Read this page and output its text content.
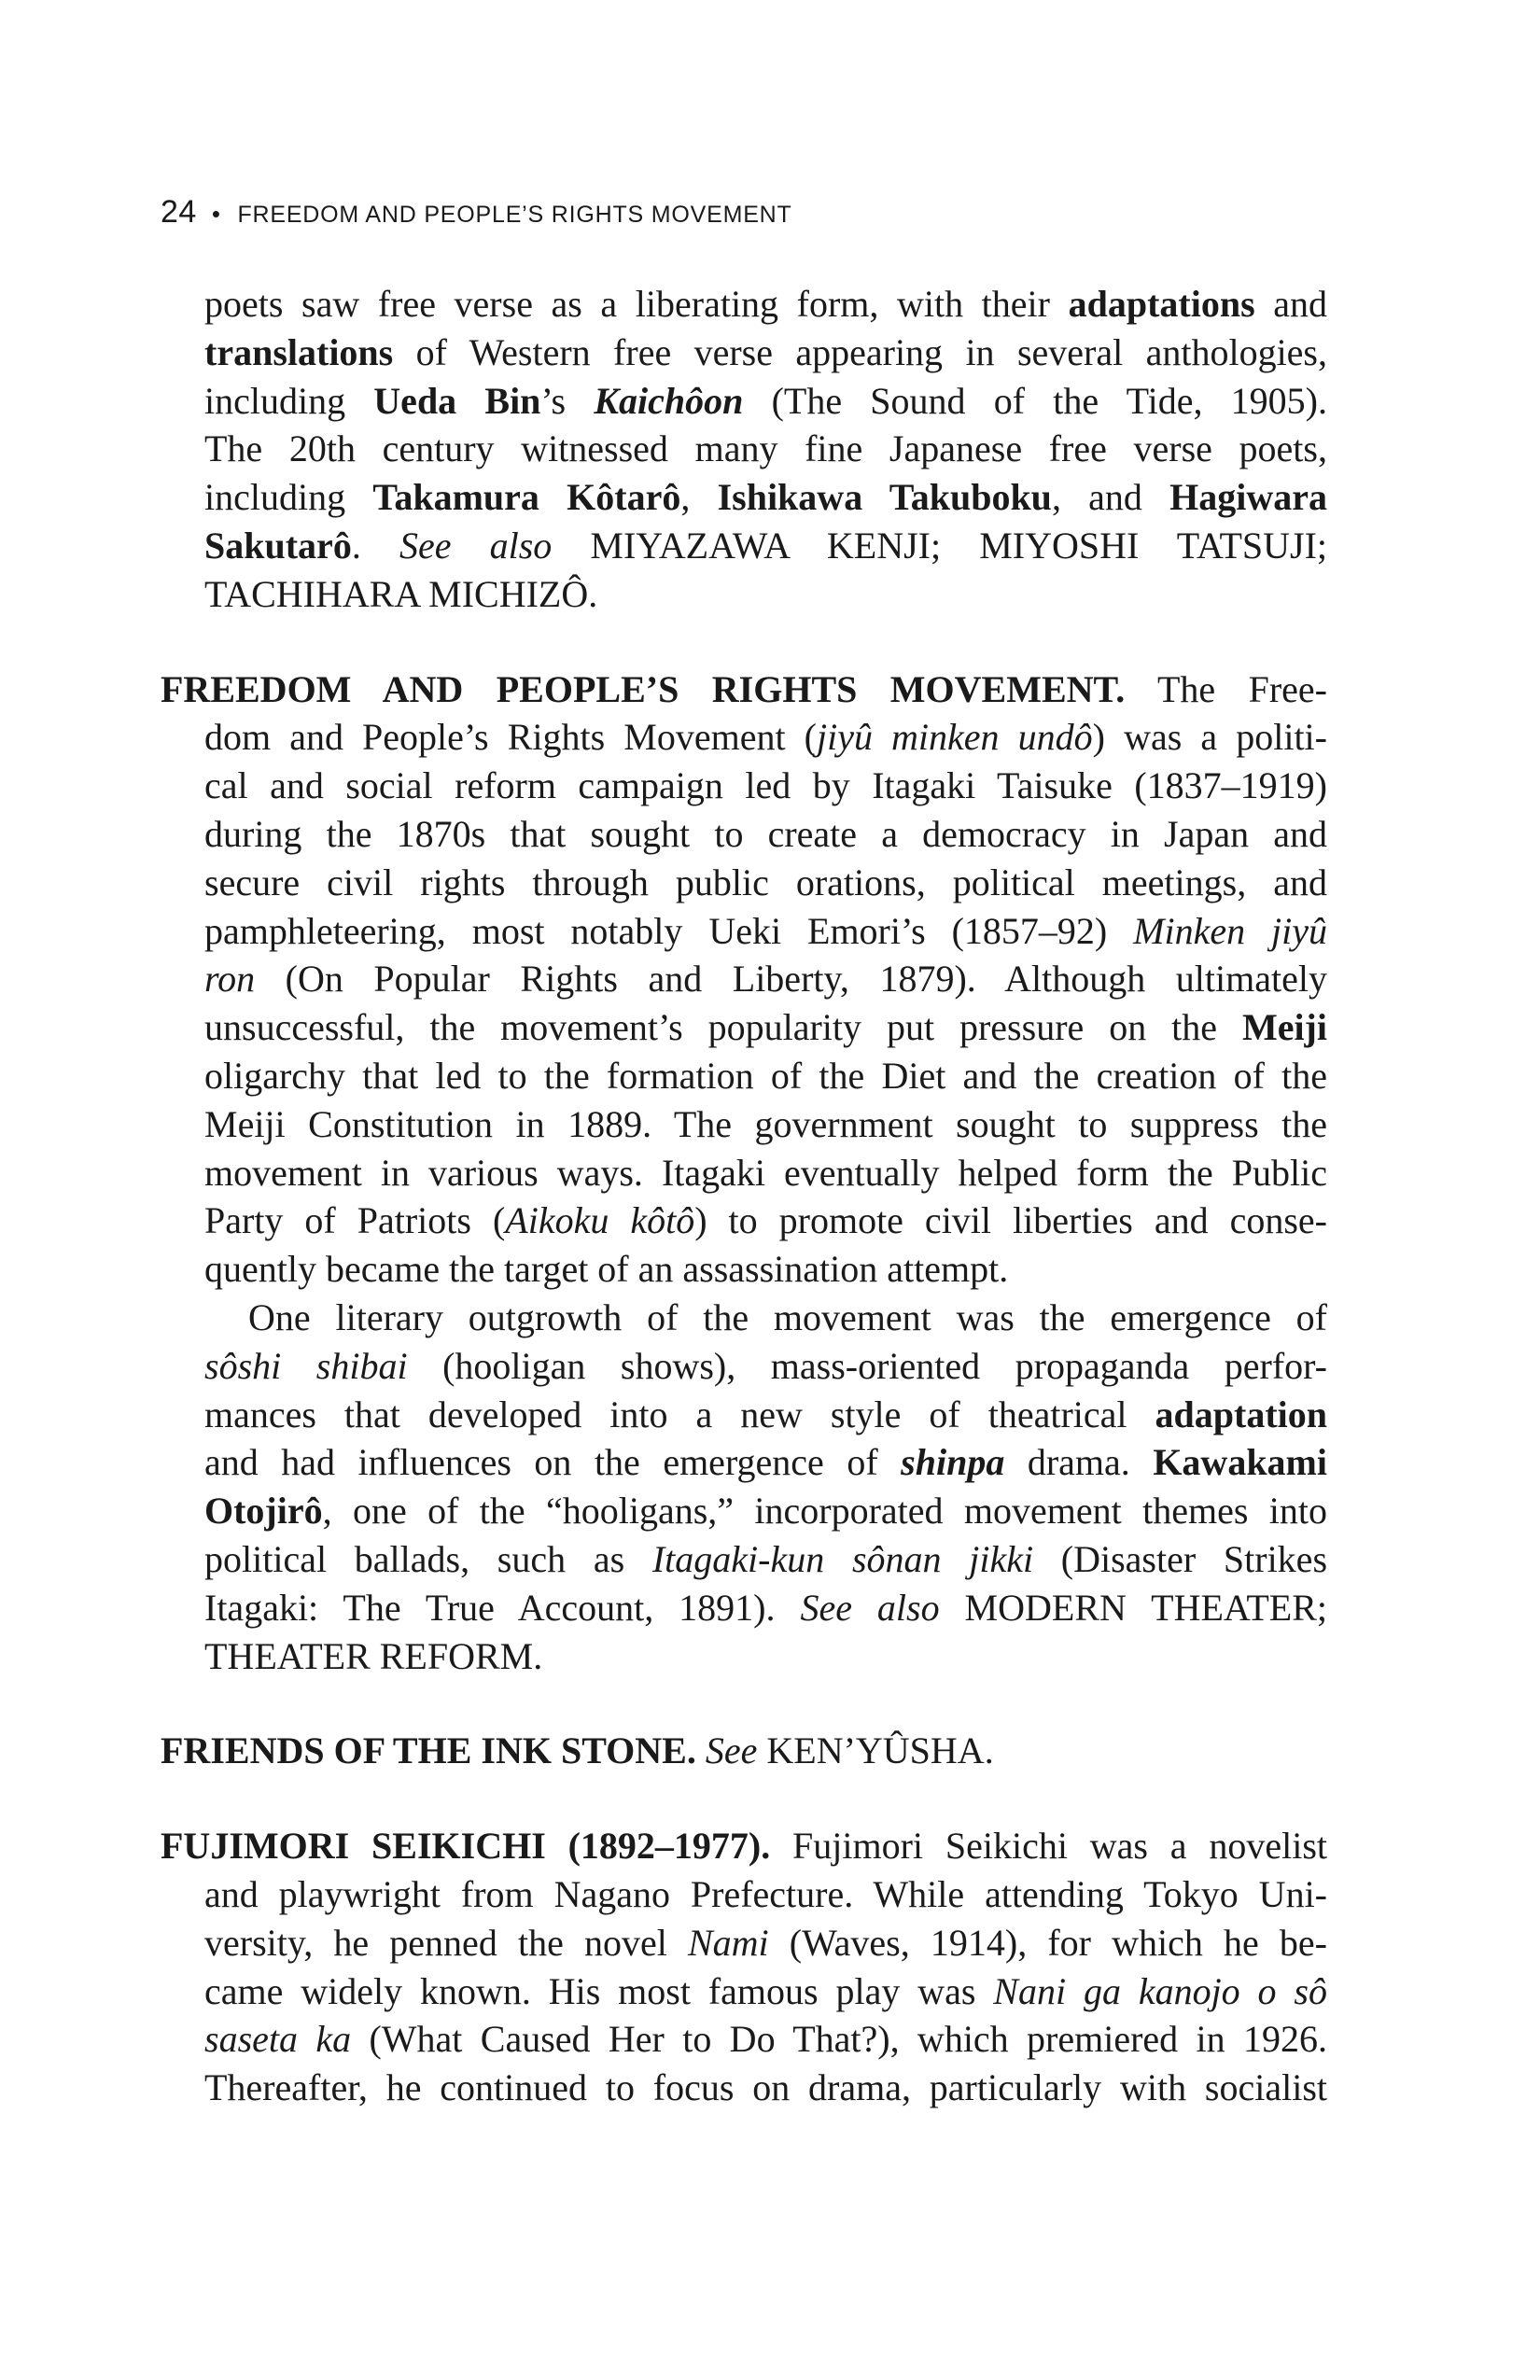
24 • FREEDOM AND PEOPLE’S RIGHTS MOVEMENT
poets saw free verse as a liberating form, with their adaptations and
translations of Western free verse appearing in several anthologies,
including Ueda Bin’s Kaichôon (The Sound of the Tide, 1905).
The 20th century witnessed many fine Japanese free verse poets,
including Takamura Kôtarô, Ishikawa Takuboku, and Hagiwara
Sakutarô. See also MIYAZAWA KENJI; MIYOSHI TATSUJI;
TACHIHARA MICHIZÔ.
FREEDOM AND PEOPLE’S RIGHTS MOVEMENT. The Free-
dom and People’s Rights Movement (jiyû minken undô) was a politi-
cal and social reform campaign led by Itagaki Taisuke (1837–1919)
during the 1870s that sought to create a democracy in Japan and
secure civil rights through public orations, political meetings, and
pamphleteering, most notably Ueki Emori’s (1857–92) Minken jiyû
ron (On Popular Rights and Liberty, 1879). Although ultimately
unsuccessful, the movement’s popularity put pressure on the Meiji
oligarchy that led to the formation of the Diet and the creation of the
Meiji Constitution in 1889. The government sought to suppress the
movement in various ways. Itagaki eventually helped form the Public
Party of Patriots (Aikoku kôtô) to promote civil liberties and conse-
quently became the target of an assassination attempt.
One literary outgrowth of the movement was the emergence of
sôshi shibai (hooligan shows), mass-oriented propaganda perfor-
mances that developed into a new style of theatrical adaptation
and had influences on the emergence of shinpa drama. Kawakami
Otojirô, one of the “hooligans,” incorporated movement themes into
political ballads, such as Itagaki-kun sônan jikki (Disaster Strikes
Itagaki: The True Account, 1891). See also MODERN THEATER;
THEATER REFORM.
FRIENDS OF THE INK STONE. See KEN’YÛSHA.
FUJIMORI SEIKICHI (1892–1977). Fujimori Seikichi was a novelist
and playwright from Nagano Prefecture. While attending Tokyo Uni-
versity, he penned the novel Nami (Waves, 1914), for which he be-
came widely known. His most famous play was Nani ga kanojo o sô
saseta ka (What Caused Her to Do That?), which premiered in 1926.
Thereafter, he continued to focus on drama, particularly with socialist
